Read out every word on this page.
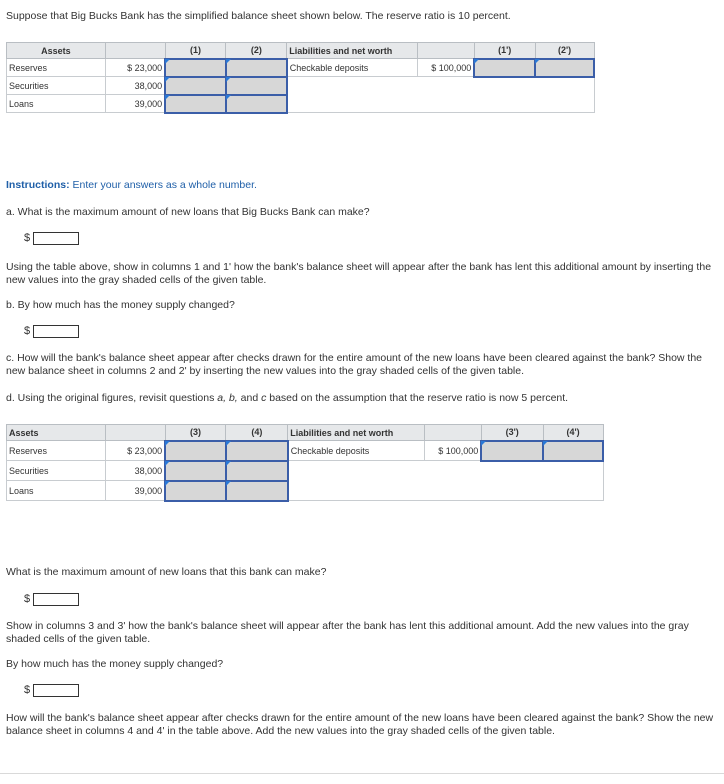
Suppose that Big Bucks Bank has the simplified balance sheet shown below. The reserve ratio is 10 percent.
Assets		(1)	(2)	Liabilities and net worth		(1')	(2')
Reserves	$ 23,000			Checkable deposits	$ 100,000		
Securities	38,000						
Loans	39,000						
Instructions: Enter your answers as a whole number.
a. What is the maximum amount of new loans that Big Bucks Bank can make?
$
Using the table above, show in columns 1 and 1' how the bank's balance sheet will appear after the bank has lent this additional amount by inserting the new values into the gray shaded cells of the given table.
b. By how much has the money supply changed?
$
c. How will the bank's balance sheet appear after checks drawn for the entire amount of the new loans have been cleared against the bank? Show the new balance sheet in columns 2 and 2' by inserting the new values into the gray shaded cells of the given table.
d. Using the original figures, revisit questions a, b, and c based on the assumption that the reserve ratio is now 5 percent.
Assets		(3)	(4)	Liabilities and net worth		(3')	(4')
Reserves	$ 23,000			Checkable deposits	$ 100,000		
Securities	38,000						
Loans	39,000						
What is the maximum amount of new loans that this bank can make?
$
Show in columns 3 and 3' how the bank's balance sheet will appear after the bank has lent this additional amount. Add the new values into the gray shaded cells of the given table.
By how much has the money supply changed?
$
How will the bank's balance sheet appear after checks drawn for the entire amount of the new loans have been cleared against the bank? Show the new balance sheet in columns 4 and 4' in the table above. Add the new values into the gray shaded cells of the given table.
